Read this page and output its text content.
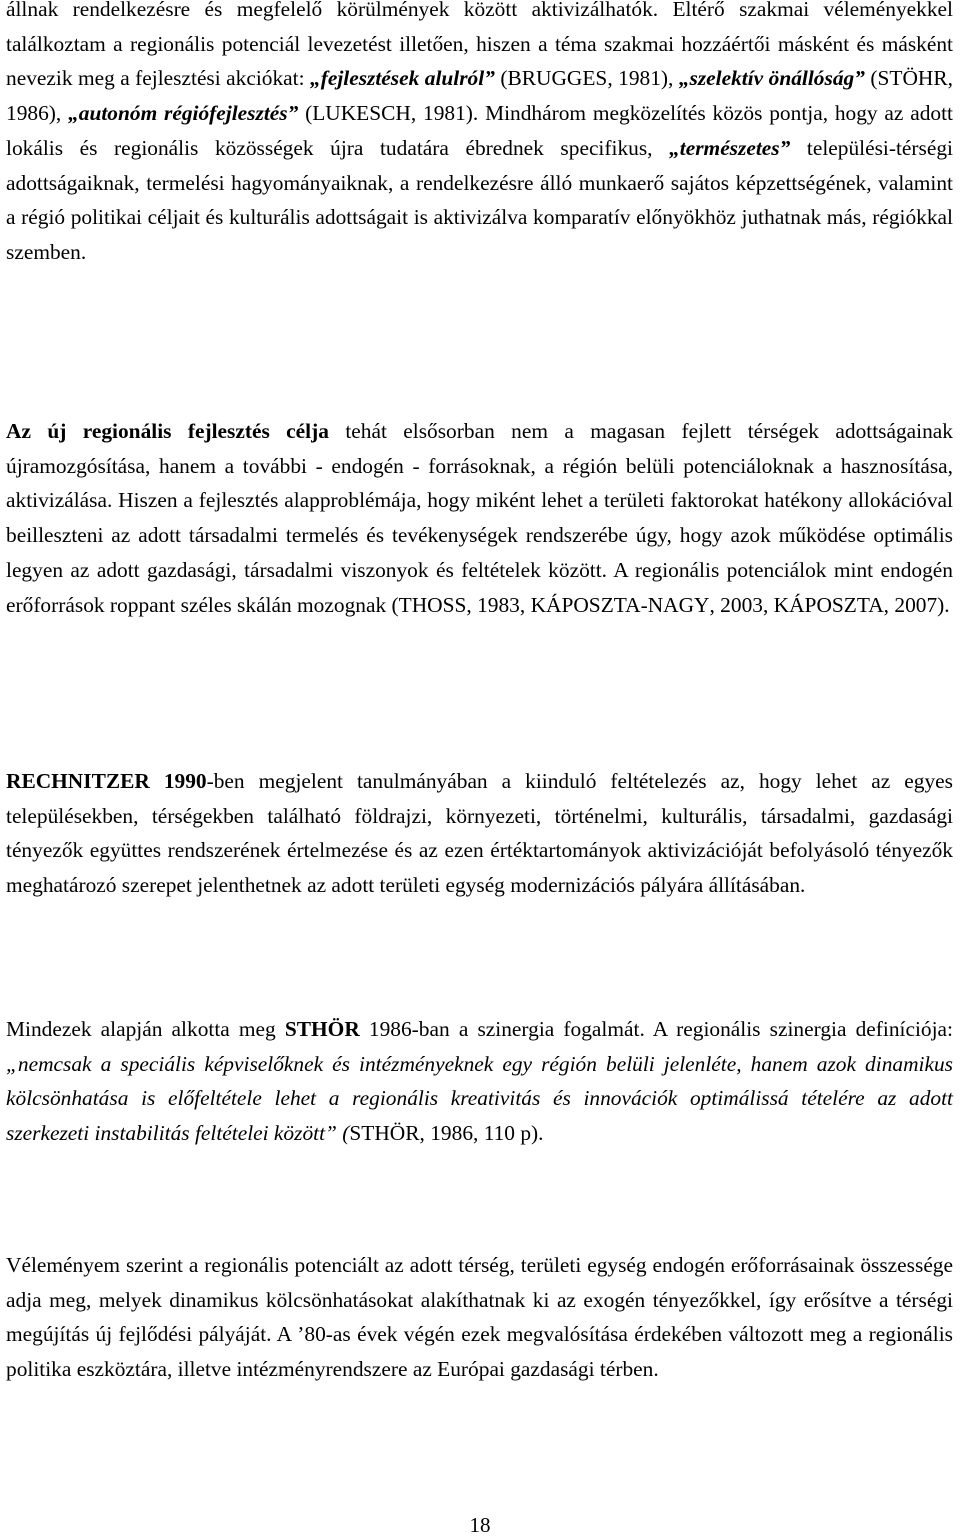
állnak rendelkezésre és megfelelő körülmények között aktivizálhatók. Eltérő szakmai véleményekkel találkoztam a regionális potenciál levezetést illetően, hiszen a téma szakmai hozzáértői másként és másként nevezik meg a fejlesztési akciókat: „fejlesztések alulról” (BRUGGES, 1981), „szelektív önállóság” (STÖHR, 1986), „autonóm régiófejlesztés” (LUKESCH, 1981). Mindhárom megközelítés közös pontja, hogy az adott lokális és regionális közösségek újra tudatára ébrednek specifikus, „természetes” települési-térségi adottságaiknak, termelési hagyományaiknak, a rendelkezésre álló munkaerő sajátos képzettségének, valamint a régió politikai céljait és kulturális adottságait is aktivizálva komparatív előnyökhöz juthatnak más, régiókkal szemben.

Az új regionális fejlesztés célja tehát elsősorban nem a magasan fejlett térségek adottságainak újramozgósítása, hanem a további - endogén - forrásoknak, a régión belüli potenciáloknak a hasznosítása, aktivizálása. Hiszen a fejlesztés alapproblémája, hogy miként lehet a területi faktorokat hatékony allokációval beilleszteni az adott társadalmi termelés és tevékenységek rendszerébe úgy, hogy azok működése optimális legyen az adott gazdasági, társadalmi viszonyok és feltételek között. A regionális potenciálok mint endogén erőforrások roppant széles skálán mozognak (THOSS, 1983, KÁPOSZTA-NAGY, 2003, KÁPOSZTA, 2007).

RECHNITZER 1990-ben megjelent tanulmányában a kiinduló feltételezés az, hogy lehet az egyes településekben, térségekben található földrajzi, környezeti, történelmi, kulturális, társadalmi, gazdasági tényezők együttes rendszerének értelmezése és az ezen értéktartományok aktivizációját befolyásoló tényezők meghatározó szerepet jelenthetnek az adott területi egység modernizációs pályára állításában.

Mindezek alapján alkotta meg STHÖR 1986-ban a szinergia fogalmát. A regionális szinergia definíciója: „nemcsak a speciális képviselőknek és intézményeknek egy régión belüli jelenléte, hanem azok dinamikus kölcsönhatása is előfeltétele lehet a regionális kreativitás és innovációk optimálissá tételére az adott szerkezeti instabilitás feltételei között” (STHÖR, 1986, 110 p).

Véleményem szerint a regionális potenciált az adott térség, területi egység endogén erőforrásainak összessége adja meg, melyek dinamikus kölcsönhatásokat alakíthatnak ki az exogén tényezőkkel, így erősítve a térségi megújítás új fejlődési pályáját. A ’80-as évek végén ezek megvalósítása érdekében változott meg a regionális politika eszköztára, illetve intézményrendszere az Európai gazdasági térben.

18
